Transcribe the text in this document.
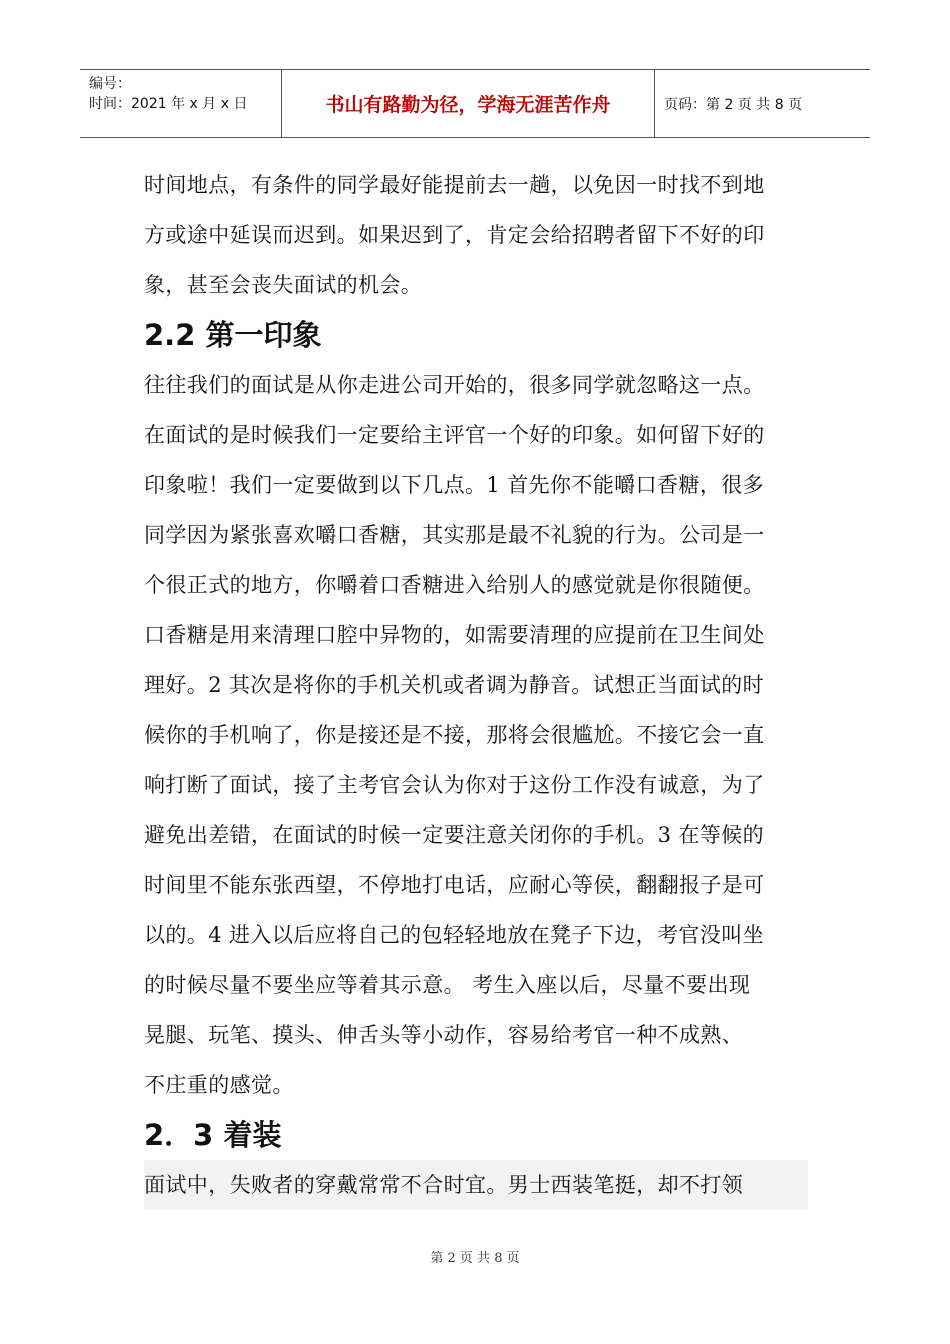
编号：
时间：2021 年 x 月 x 日	书山有路勤为径，学海无涯苦作舟	页码：第 2 页 共 8 页

时间地点，有条件的同学最好能提前去一趟，以免因一时找不到地
方或途中延误而迟到。如果迟到了，肯定会给招聘者留下不好的印
象，甚至会丧失面试的机会。

2.2 第一印象

往往我们的面试是从你走进公司开始的，很多同学就忽略这一点。
在面试的是时候我们一定要给主评官一个好的印象。如何留下好的
印象啦！我们一定要做到以下几点。1 首先你不能嚼口香糖，很多
同学因为紧张喜欢嚼口香糖，其实那是最不礼貌的行为。公司是一
个很正式的地方，你嚼着口香糖进入给别人的感觉就是你很随便。
口香糖是用来清理口腔中异物的，如需要清理的应提前在卫生间处
理好。2 其次是将你的手机关机或者调为静音。试想正当面试的时
候你的手机响了，你是接还是不接，那将会很尴尬。不接它会一直
响打断了面试，接了主考官会认为你对于这份工作没有诚意，为了
避免出差错，在面试的时候一定要注意关闭你的手机。3 在等候的
时间里不能东张西望，不停地打电话，应耐心等侯，翻翻报子是可
以的。4 进入以后应将自己的包轻轻地放在凳子下边，考官没叫坐
的时候尽量不要坐应等着其示意。 考生入座以后，尽量不要出现
晃腿、玩笔、摸头、伸舌头等小动作，容易给考官一种不成熟、
不庄重的感觉。

2．3 着装

面试中，失败者的穿戴常常不合时宜。男士西装笔挺，却不打领

第 2 页 共 8 页
